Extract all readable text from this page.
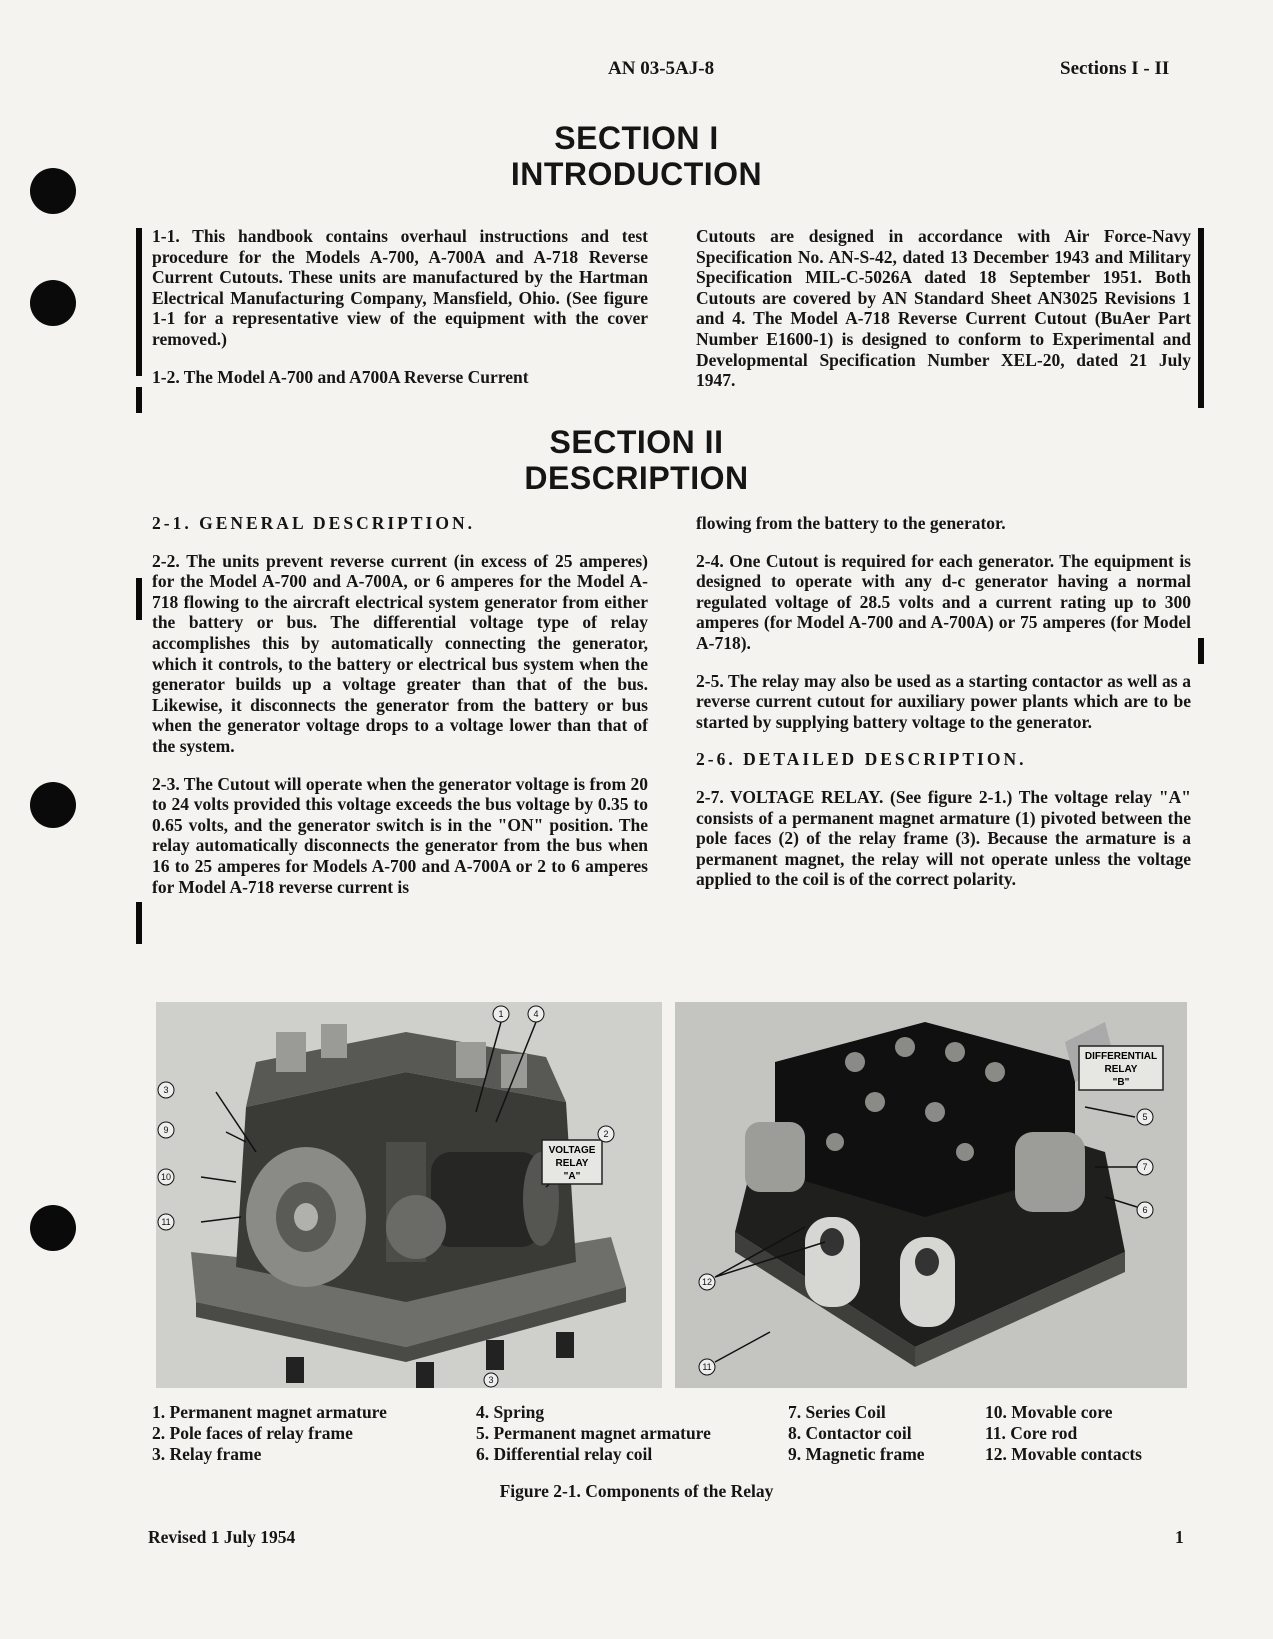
AN 03-5AJ-8	Sections I - II
SECTION I
INTRODUCTION

1-1. This handbook contains overhaul instructions and test procedure for the Models A-700, A-700A and A-718 Reverse Current Cutouts. These units are manufactured by the Hartman Electrical Manufacturing Company, Mansfield, Ohio. (See figure 1-1 for a representative view of the equipment with the cover removed.)

1-2. The Model A-700 and A700A Reverse Current

Cutouts are designed in accordance with Air Force-Navy Specification No. AN-S-42, dated 13 December 1943 and Military Specification MIL-C-5026A dated 18 September 1951. Both Cutouts are covered by AN Standard Sheet AN3025 Revisions 1 and 4. The Model A-718 Reverse Current Cutout (BuAer Part Number E1600-1) is designed to conform to Experimental and Developmental Specification Number XEL-20, dated 21 July 1947.

SECTION II
DESCRIPTION

2-1. GENERAL DESCRIPTION.

2-2. The units prevent reverse current (in excess of 25 amperes) for the Model A-700 and A-700A, or 6 amperes for the Model A-718 flowing to the aircraft electrical system generator from either the battery or bus. The differential voltage type of relay accomplishes this by automatically connecting the generator, which it controls, to the battery or electrical bus system when the generator builds up a voltage greater than that of the bus. Likewise, it disconnects the generator from the battery or bus when the generator voltage drops to a voltage lower than that of the system.

2-3. The Cutout will operate when the generator voltage is from 20 to 24 volts provided this voltage exceeds the bus voltage by 0.35 to 0.65 volts, and the generator switch is in the "ON" position. The relay automatically disconnects the generator from the bus when 16 to 25 amperes for Models A-700 and A-700A or 2 to 6 amperes for Model A-718 reverse current is

flowing from the battery to the generator.

2-4. One Cutout is required for each generator. The equipment is designed to operate with any d-c generator having a normal regulated voltage of 28.5 volts and a current rating up to 300 amperes (for Model A-700 and A-700A) or 75 amperes (for Model A-718).

2-5. The relay may also be used as a starting contactor as well as a reverse current cutout for auxiliary power plants which are to be started by supplying battery voltage to the generator.

2-6. DETAILED DESCRIPTION.

2-7. VOLTAGE RELAY. (See figure 2-1.) The voltage relay "A" consists of a permanent magnet armature (1) pivoted between the pole faces (2) of the relay frame (3). Because the armature is a permanent magnet, the relay will not operate unless the voltage applied to the coil is of the correct polarity.

VOLTAGE
RELAY
"A"
1	4
2
3
9
10
11
3
DIFFERENTIAL
RELAY
"B"
5
7
6
12
11
1. Permanent magnet armature
2. Pole faces of relay frame
3. Relay frame
4. Spring
5. Permanent magnet armature
6. Differential relay coil
7. Series Coil
8. Contactor coil
9. Magnetic frame
10. Movable core
11. Core rod
12. Movable contacts
Figure 2-1. Components of the Relay
Revised 1 July 1954	1
